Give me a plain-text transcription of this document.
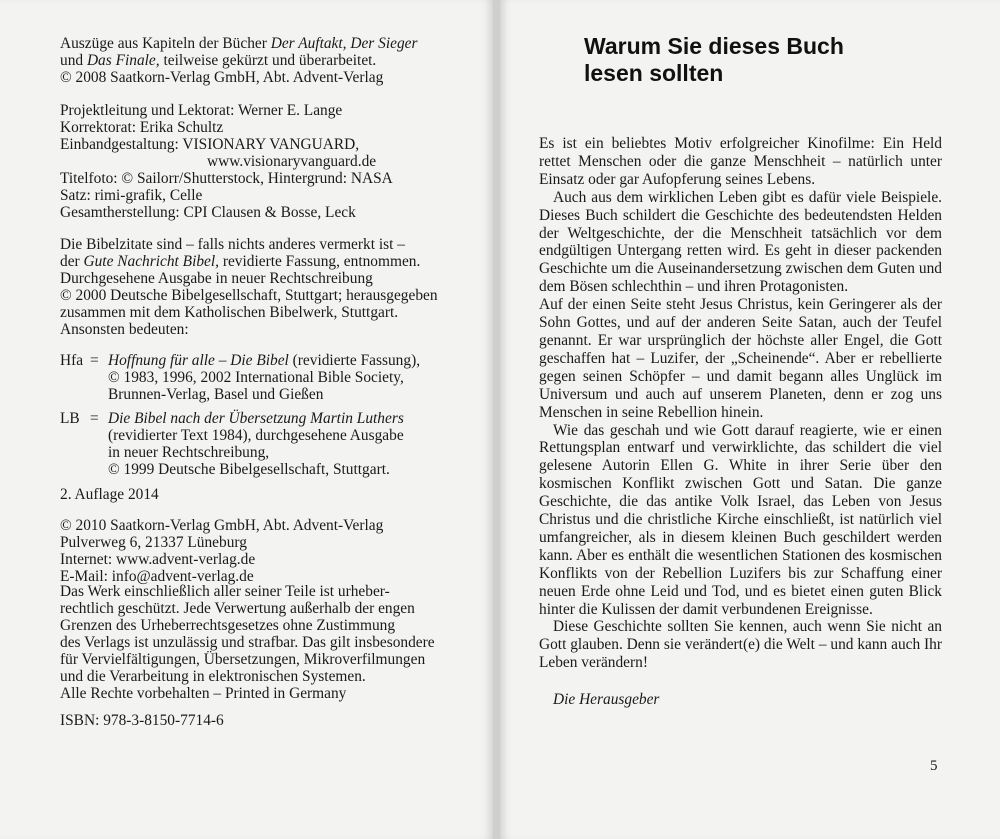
Auszüge aus Kapiteln der Bücher Der Auftakt, Der Sieger

und Das Finale, teilweise gekürzt und überarbeitet.

© 2008 Saatkorn-Verlag GmbH, Abt. Advent-Verlag

Projektleitung und Lektorat: Werner E. Lange

Korrektorat: Erika Schultz

Einbandgestaltung: VISIONARY VANGUARD,

www.visionaryvanguard.de

Titelfoto: © Sailorr/Shutterstock, Hintergrund: NASA

Satz: rimi-grafik, Celle

Gesamtherstellung: CPI Clausen & Bosse, Leck

Die Bibelzitate sind – falls nichts anderes vermerkt ist –

der Gute Nachricht Bibel, revidierte Fassung, entnommen.

Durchgesehene Ausgabe in neuer Rechtschreibung

© 2000 Deutsche Bibelgesellschaft, Stuttgart; herausgegeben

zusammen mit dem Katholischen Bibelwerk, Stuttgart.

Ansonsten bedeuten:

Hfa = Hoffnung für alle – Die Bibel (revidierte Fassung),

© 1983, 1996, 2002 International Bible Society,

Brunnen-Verlag, Basel und Gießen

LB = Die Bibel nach der Übersetzung Martin Luthers

(revidierter Text 1984), durchgesehene Ausgabe

in neuer Rechtschreibung,

© 1999 Deutsche Bibelgesellschaft, Stuttgart.

2. Auflage 2014

© 2010 Saatkorn-Verlag GmbH, Abt. Advent-Verlag

Pulverweg 6, 21337 Lüneburg

Internet: www.advent-verlag.de

E-Mail: info@advent-verlag.de

Das Werk einschließlich aller seiner Teile ist urheber-

rechtlich geschützt. Jede Verwertung außerhalb der engen

Grenzen des Urheberrechtsgesetzes ohne Zustimmung

des Verlags ist unzulässig und strafbar. Das gilt insbesondere

für Vervielfältigungen, Übersetzungen, Mikroverfilmungen

und die Verarbeitung in elektronischen Systemen.

Alle Rechte vorbehalten – Printed in Germany

ISBN: 978-3-8150-7714-6

Warum Sie dieses Buch
lesen sollten

Es ist ein beliebtes Motiv erfolgreicher Kinofilme: Ein Held rettet Menschen oder die ganze Menschheit – natürlich unter Einsatz oder gar Aufopferung seines Lebens.

Auch aus dem wirklichen Leben gibt es dafür viele Beispiele. Dieses Buch schildert die Geschichte des bedeutendsten Helden der Weltgeschichte, der die Menschheit tatsächlich vor dem endgültigen Untergang retten wird. Es geht in dieser packenden Geschichte um die Auseinandersetzung zwischen dem Guten und dem Bösen schlechthin – und ihren Protagonisten.

Auf der einen Seite steht Jesus Christus, kein Geringerer als der Sohn Gottes, und auf der anderen Seite Satan, auch der Teufel genannt. Er war ursprünglich der höchste aller Engel, die Gott geschaffen hat – Luzifer, der „Scheinende“. Aber er rebellierte gegen seinen Schöpfer – und damit begann alles Unglück im Universum und auch auf unserem Planeten, denn er zog uns Menschen in seine Rebellion hinein.

Wie das geschah und wie Gott darauf reagierte, wie er einen Rettungsplan entwarf und verwirklichte, das schildert die viel gelesene Autorin Ellen G. White in ihrer Serie über den kosmischen Konflikt zwischen Gott und Satan. Die ganze Geschichte, die das antike Volk Israel, das Leben von Jesus Christus und die christliche Kirche einschließt, ist natürlich viel umfangreicher, als in diesem kleinen Buch geschildert werden kann. Aber es enthält die wesentlichen Stationen des kosmischen Konflikts von der Rebellion Luzifers bis zur Schaffung einer neuen Erde ohne Leid und Tod, und es bietet einen guten Blick hinter die Kulissen der damit verbundenen Ereignisse.

Diese Geschichte sollten Sie kennen, auch wenn Sie nicht an Gott glauben. Denn sie verändert(e) die Welt – und kann auch Ihr Leben verändern!

Die Herausgeber

5
